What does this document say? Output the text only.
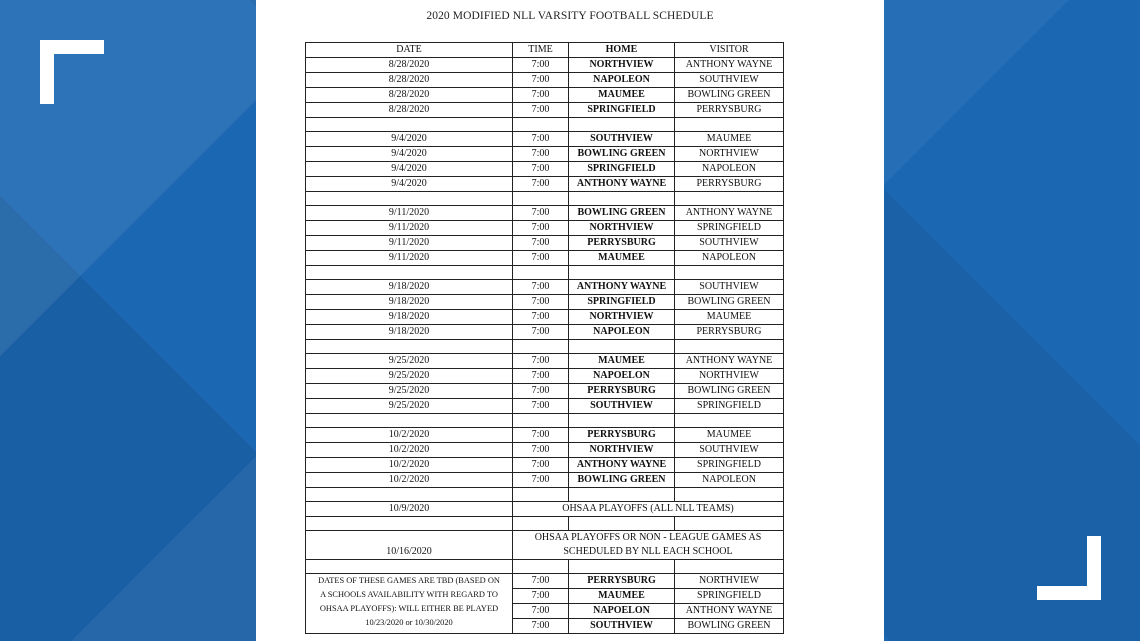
2020 MODIFIED NLL VARSITY FOOTBALL SCHEDULE
DATE	TIME	HOME	VISITOR
8/28/2020	7:00	NORTHVIEW	ANTHONY WAYNE
8/28/2020	7:00	NAPOLEON	SOUTHVIEW
8/28/2020	7:00	MAUMEE	BOWLING GREEN
8/28/2020	7:00	SPRINGFIELD	PERRYSBURG

9/4/2020	7:00	SOUTHVIEW	MAUMEE
9/4/2020	7:00	BOWLING GREEN	NORTHVIEW
9/4/2020	7:00	SPRINGFIELD	NAPOLEON
9/4/2020	7:00	ANTHONY WAYNE	PERRYSBURG

9/11/2020	7:00	BOWLING GREEN	ANTHONY WAYNE
9/11/2020	7:00	NORTHVIEW	SPRINGFIELD
9/11/2020	7:00	PERRYSBURG	SOUTHVIEW
9/11/2020	7:00	MAUMEE	NAPOLEON

9/18/2020	7:00	ANTHONY WAYNE	SOUTHVIEW
9/18/2020	7:00	SPRINGFIELD	BOWLING GREEN
9/18/2020	7:00	NORTHVIEW	MAUMEE
9/18/2020	7:00	NAPOLEON	PERRYSBURG

9/25/2020	7:00	MAUMEE	ANTHONY WAYNE
9/25/2020	7:00	NAPOELON	NORTHVIEW
9/25/2020	7:00	PERRYSBURG	BOWLING GREEN
9/25/2020	7:00	SOUTHVIEW	SPRINGFIELD

10/2/2020	7:00	PERRYSBURG	MAUMEE
10/2/2020	7:00	NORTHVIEW	SOUTHVIEW
10/2/2020	7:00	ANTHONY WAYNE	SPRINGFIELD
10/2/2020	7:00	BOWLING GREEN	NAPOLEON

10/9/2020	OHSAA PLAYOFFS (ALL NLL TEAMS)		

10/16/2020	OHSAA PLAYOFFS OR NON - LEAGUE GAMES AS
SCHEDULED BY NLL EACH SCHOOL		

DATES OF THESE GAMES ARE TBD (BASED ON
A SCHOOLS AVAILABILITY WITH REGARD TO
OHSAA PLAYOFFS): WILL EITHER BE PLAYED
10/23/2020 or 10/30/2020	7:00	PERRYSBURG	NORTHVIEW
	7:00	MAUMEE	SPRINGFIELD
	7:00	NAPOELON	ANTHONY WAYNE
	7:00	SOUTHVIEW	BOWLING GREEN
